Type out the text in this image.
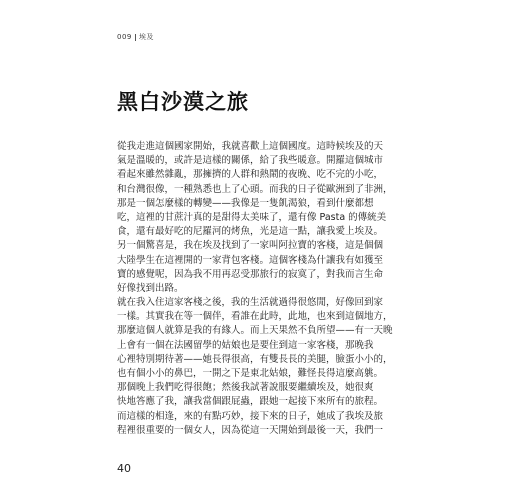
009 埃及
黑白沙漠之旅
從我走進這個國家開始，我就喜歡上這個國度。這時候埃及的天
氣是溫暖的，或許是這樣的關係，給了我些暖意。開羅這個城市
看起來雖然雜亂，那擁擠的人群和熱鬧的夜晚、吃不完的小吃，
和台灣很像，一種熟悉也上了心頭。而我的日子從歐洲到了非洲，
那是一個怎麼樣的轉變——我像是一隻飢渴狼，看到什麼都想
吃，這裡的甘蔗汁真的是甜得太美味了，還有像 Pasta 的傳統美
食，還有最好吃的尼羅河的烤魚，光是這一點，讓我愛上埃及。
另一個驚喜是，我在埃及找到了一家叫阿拉寶的客棧，這是個個
大陸學生在這裡開的一家背包客棧。這個客棧為什讓我有如獲至
寶的感覺呢，因為我不用再忍受那旅行的寂寞了，對我而言生命
好像找到出路。
就在我入住這家客棧之後，我的生活就過得很悠閒，好像回到家
一樣。其實我在等一個伴，看誰在此時，此地，也來到這個地方，
那麼這個人就算是我的有緣人。而上天果然不負所望——有一天晚
上會有一個在法國留學的姑娘也是要住到這一家客棧，那晚我
心裡特別期待著——她長得很高，有雙長長的美腿，臉蛋小小的，
也有個小小的鼻巴，一開之下是東北姑娘，難怪長得這麼高䠷。
那個晚上我們吃得很飽；然後我試著說服要繼續埃及，她很爽
快地答應了我，讓我當個跟屁蟲，跟她一起接下來所有的旅程。
而這樣的相逢，來的有點巧妙，接下來的日子，她成了我埃及旅
程裡很重要的一個女人，因為從這一天開始到最後一天，我們一
40
